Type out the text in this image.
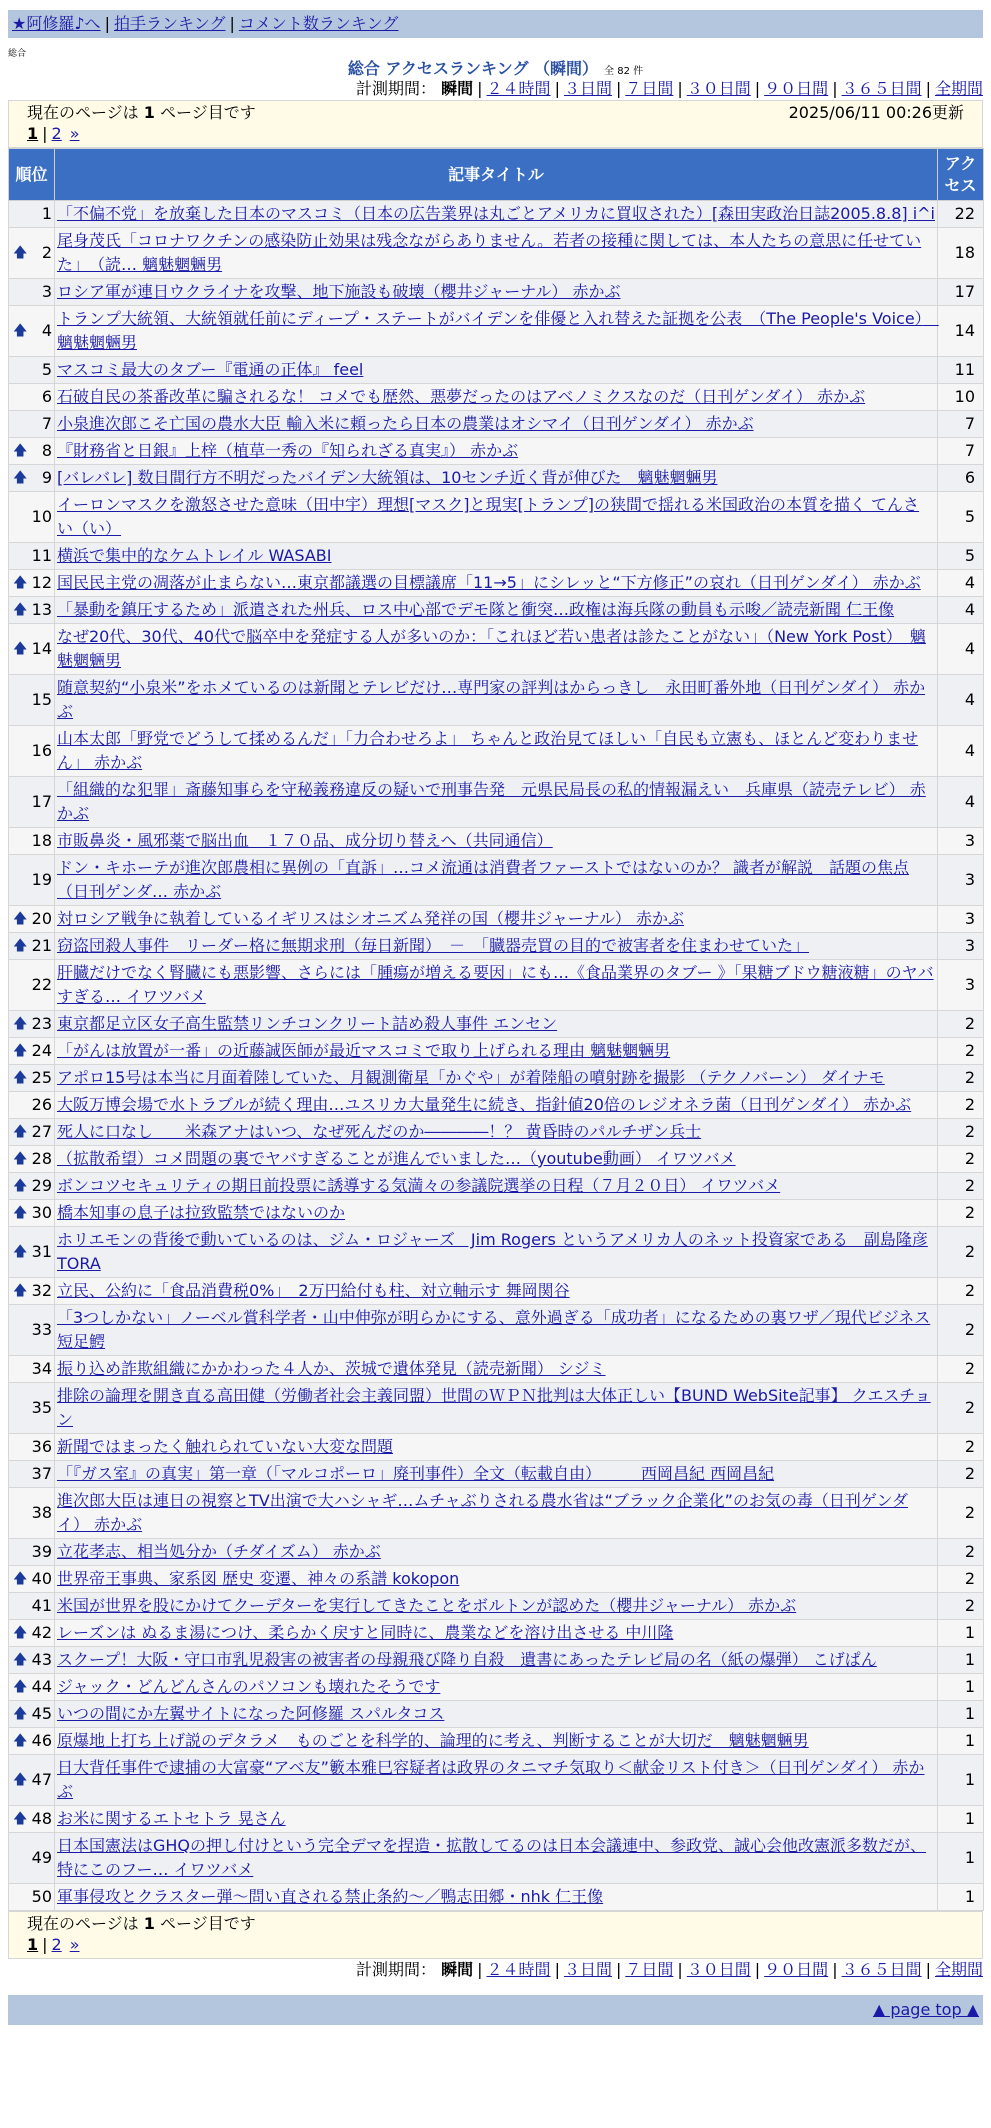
★阿修羅♪へ | 拍手ランキング | コメント数ランキング
総合
総合 アクセスランキング （瞬間） 全 82 件
計測期間： 瞬間 | ２４時間 | ３日間 | ７日間 | ３０日間 | ９０日間 | ３６５日間 | 全期間
現在のページは 1 ページ目です	2025/06/11 00:26更新
1 | 2 »
順位	記事タイトル	アクセス
1	「不偏不党」を放棄した日本のマスコミ（日本の広告業界は丸ごとアメリカに買収された）[森田実政治日誌2005.8.8] i^i	22

🡅 2	尾身茂氏「コロナワクチンの感染防止効果は残念ながらありません。若者の接種に関しては、本人たちの意思に任せていた」　（読… 魑魅魍魎男	18
3	ロシア軍が連日ウクライナを攻撃、地下施設も破壊（櫻井ジャーナル） 赤かぶ	17

🡅 4	トランプ大統領、大統領就任前にディープ・ステートがバイデンを俳優と入れ替えた証拠を公表　（The People's Voice）　魑魅魍魎男	14
5	マスコミ最大のタブー『電通の正体』 feel	11
6	石破自民の茶番改革に騙されるな！ コメでも歴然、悪夢だったのはアベノミクスなのだ（日刊ゲンダイ） 赤かぶ	10
7	小泉進次郎こそ亡国の農水大臣 輸入米に頼ったら日本の農業はオシマイ（日刊ゲンダイ） 赤かぶ	7

🡅 8	『財務省と日銀』上梓（植草一秀の『知られざる真実』） 赤かぶ	7

🡅 9	[バレバレ] 数日間行方不明だったバイデン大統領は、10センチ近く背が伸びた　魑魅魍魎男	6
10	イーロンマスクを激怒させた意味（田中宇）理想[マスク]と現実[トランプ]の狭間で揺れる米国政治の本質を描く てんさい（い）	5
11	横浜で集中的なケムトレイル WASABI	5

🡅 12	国民民主党の凋落が止まらない…東京都議選の目標議席「11→5」にシレッと“下方修正”の哀れ（日刊ゲンダイ） 赤かぶ	4

🡅 13	「暴動を鎮圧するため」派遣された州兵、ロス中心部でデモ隊と衝突…政権は海兵隊の動員も示唆／読売新聞 仁王像	4

🡅 14	なぜ20代、30代、40代で脳卒中を発症する人が多いのか：「これほど若い患者は診たことがない」（New York Post）　魑魅魍魎男	4
15	随意契約“小泉米”をホメているのは新聞とテレビだけ…専門家の評判はからっきし　永田町番外地（日刊ゲンダイ） 赤かぶ	4
16	山本太郎「野党でどうして揉めるんだ」「力合わせろよ」 ちゃんと政治見てほしい「自民も立憲も、ほとんど変わりません」 赤かぶ	4
17	「組織的な犯罪」斎藤知事らを守秘義務違反の疑いで刑事告発　元県民局長の私的情報漏えい　兵庫県（読売テレビ） 赤かぶ	4
18	市販鼻炎・風邪薬で脳出血　１７０品、成分切り替えへ（共同通信）	3
19	ドン・キホーテが進次郎農相に異例の「直訴」…コメ流通は消費者ファーストではないのか？ 識者が解説　話題の焦点（日刊ゲンダ… 赤かぶ	3

🡅 20	対ロシア戦争に執着しているイギリスはシオニズム発祥の国（櫻井ジャーナル） 赤かぶ	3

🡅 21	窃盗団殺人事件　リーダー格に無期求刑（毎日新聞）　－　「臓器売買の目的で被害者を住まわせていた」	3
22	肝臓だけでなく腎臓にも悪影響、さらには「腫瘍が増える要因」にも…《食品業界のタブー 》「果糖ブドウ糖液糖」のヤバすぎる… イワツバメ	3

🡅 23	東京都足立区女子高生監禁リンチコンクリート詰め殺人事件 エンセン	2

🡅 24	「がんは放置が一番」の近藤誠医師が最近マスコミで取り上げられる理由 魑魅魍魎男	2

🡅 25	アポロ15号は本当に月面着陸していた、月観測衛星「かぐや」が着陸船の噴射跡を撮影 （テクノバーン） ダイナモ	2
26	大阪万博会場で水トラブルが続く理由…ユスリカ大量発生に続き、指針値20倍のレジオネラ菌（日刊ゲンダイ） 赤かぶ	2

🡅 27	死人に口なし　　米森アナはいつ、なぜ死んだのか――――！？ 黄昏時のパルチザン兵士	2

🡅 28	（拡散希望）コメ問題の裏でヤバすぎることが進んでいました…（youtube動画） イワツバメ	2

🡅 29	ボンコツセキュリティの期日前投票に誘導する気満々の参議院選挙の日程（７月２０日） イワツバメ	2

🡅 30	橋本知事の息子は拉致監禁ではないのか	2

🡅 31	ホリエモンの背後で動いているのは、ジム・ロジャーズ　Jim Rogers というアメリカ人のネット投資家である　副島隆彦 TORA	2

🡅 32	立民、公約に「食品消費税0%」　2万円給付も柱、対立軸示す 舞岡関谷	2
33	「3つしかない」ノーベル賞科学者・山中伸弥が明らかにする、意外過ぎる「成功者」になるための裏ワザ／現代ビジネス 短足鰐	2
34	振り込め詐欺組織にかかわった４人か、茨城で遺体発見（読売新聞） シジミ	2
35	排除の論理を開き直る高田健（労働者社会主義同盟）世間のＷＰＮ批判は大体正しい【BUND WebSite記事】 クエスチョン	2
36	新聞ではまったく触れられていない大変な問題	2
37	「『ガス室』の真実」第一章（「マルコポーロ」廃刊事件）全文（転載自由）　　　西岡昌紀 西岡昌紀	2
38	進次郎大臣は連日の視察とTV出演で大ハシャギ…ムチャぶりされる農水省は“ブラック企業化”のお気の毒（日刊ゲンダイ） 赤かぶ	2
39	立花孝志、相当処分か（チダイズム） 赤かぶ	2

🡅 40	世界帝王事典、家系図 歴史 変遷、神々の系譜 kokopon	2
41	米国が世界を股にかけてクーデターを実行してきたことをボルトンが認めた（櫻井ジャーナル） 赤かぶ	2

🡅 42	レーズンは ぬるま湯につけ、柔らかく戻すと同時に、農業などを溶け出させる 中川隆	1

🡅 43	スクープ！大阪・守口市乳児殺害の被害者の母親飛び降り自殺　遺書にあったテレビ局の名（紙の爆弾） こげぱん	1

🡅 44	ジャック・どんどんさんのパソコンも壊れたそうです	1

🡅 45	いつの間にか左翼サイトになった阿修羅 スパルタコス	1

🡅 46	原爆地上打ち上げ説のデタラメ　ものごとを科学的、論理的に考え、判断することが大切だ　魑魅魍魎男	1

🡅 47	日大背任事件で逮捕の大富豪“アベ友”籔本雅巳容疑者は政界のタニマチ気取り＜献金リスト付き＞（日刊ゲンダイ） 赤かぶ	1

🡅 48	お米に関するエトセトラ 晃さん	1
49	日本国憲法はGHQの押し付けという完全デマを捏造・拡散してるのは日本会議連中、参政党、誠心会他改憲派多数だが、特にこのフー… イワツバメ	1
50	軍事侵攻とクラスター弾〜問い直される禁止条約〜／鴨志田郷・nhk 仁王像	1
現在のページは 1 ページ目です
1 | 2 »
計測期間： 瞬間 | ２４時間 | ３日間 | ７日間 | ３０日間 | ９０日間 | ３６５日間 | 全期間
▲ page top ▲
